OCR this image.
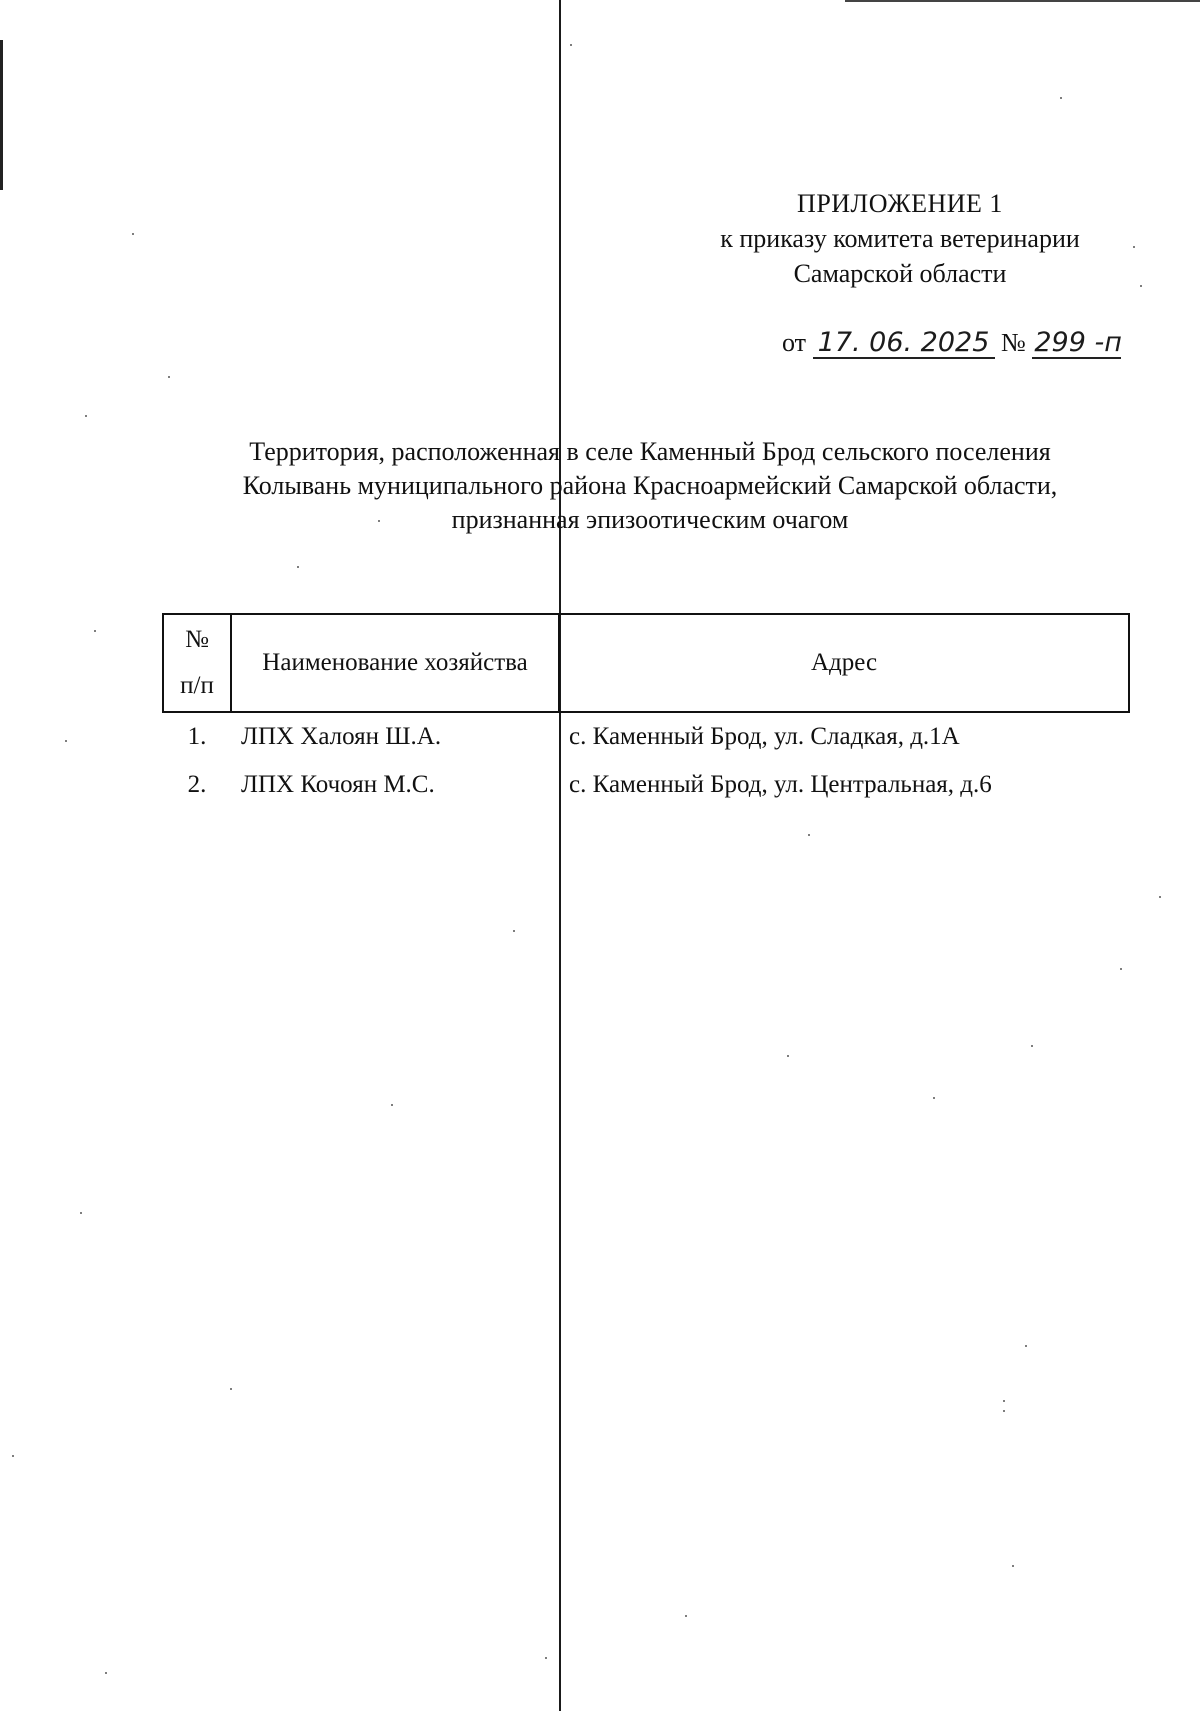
ПРИЛОЖЕНИЕ 1
к приказу комитета ветеринарии
Самарской области
от 17. 06. 2025 № 299 -п
Территория, расположенная в селе Каменный Брод сельского поселения
Колывань муниципального района Красноармейский Самарской области,
признанная эпизоотическим очагом
№
п/п	Наименование хозяйства	Адрес
1.	ЛПХ Халоян Ш.А.	с. Каменный Брод, ул. Сладкая, д.1А
2.	ЛПХ Кочоян М.С.	с. Каменный Брод, ул. Центральная, д.6
